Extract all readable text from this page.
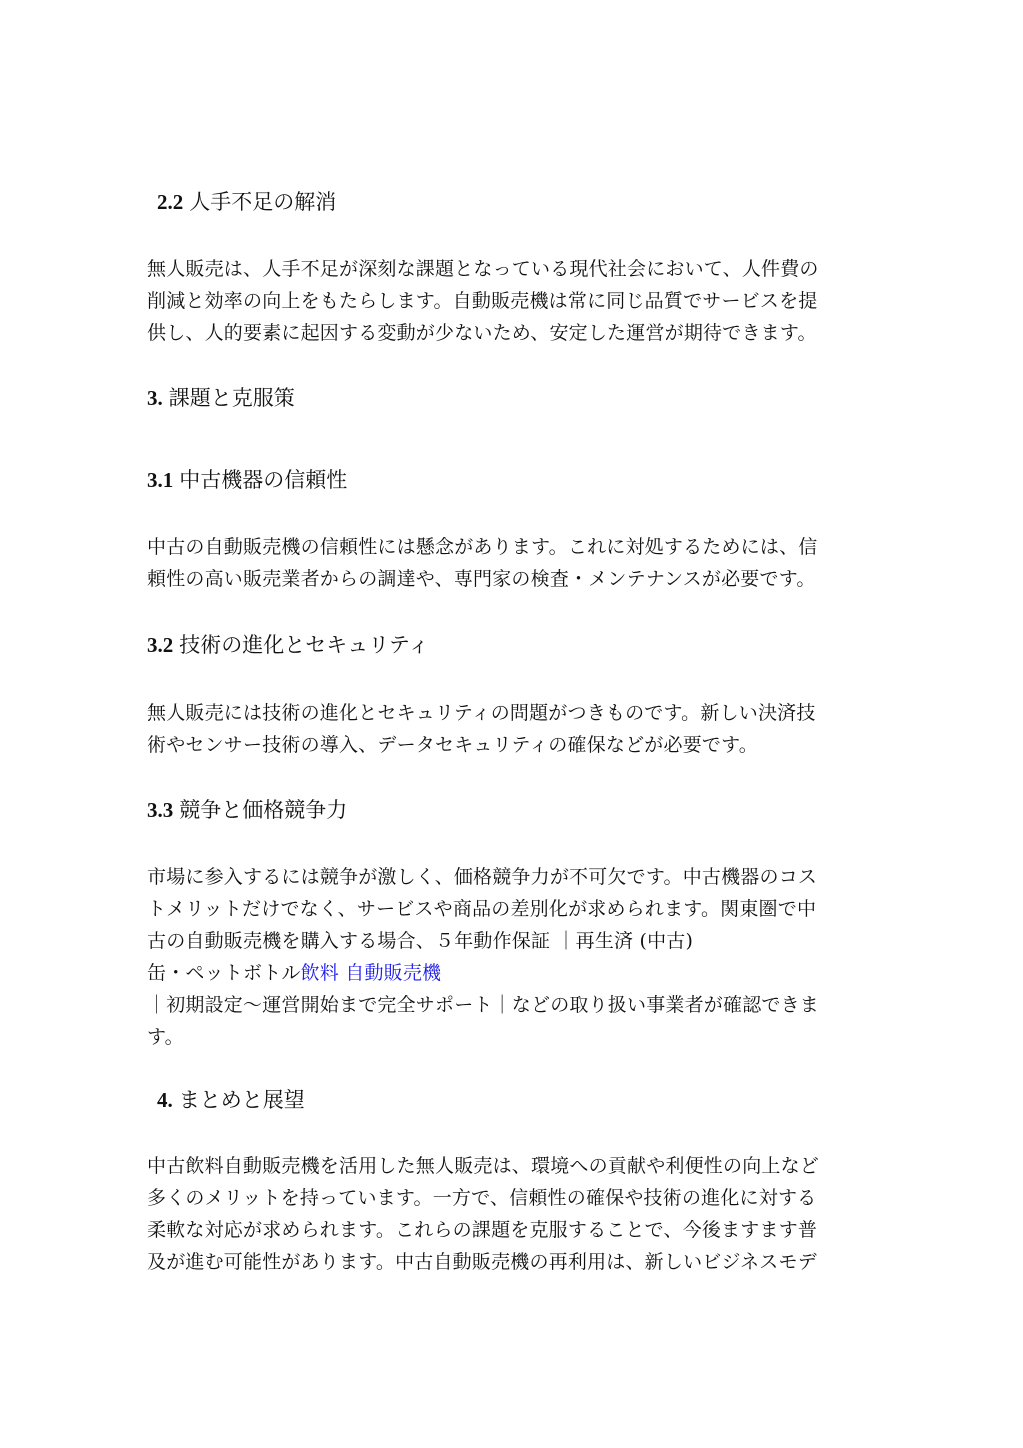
2.2 人手不足の解消

無人販売は、人手不足が深刻な課題となっている現代社会において、人件費の
削減と効率の向上をもたらします。自動販売機は常に同じ品質でサービスを提
供し、人的要素に起因する変動が少ないため、安定した運営が期待できます。

3. 課題と克服策
3.1 中古機器の信頼性

中古の自動販売機の信頼性には懸念があります。これに対処するためには、信
頼性の高い販売業者からの調達や、専門家の検査・メンテナンスが必要です。

3.2 技術の進化とセキュリティ

無人販売には技術の進化とセキュリティの問題がつきものです。新しい決済技
術やセンサー技術の導入、データセキュリティの確保などが必要です。

3.3 競争と価格競争力

市場に参入するには競争が激しく、価格競争力が不可欠です。中古機器のコス
トメリットだけでなく、サービスや商品の差別化が求められます。関東圏で中
古の自動販売機を購入する場合、５年動作保証 ｜再生済 (中古)
缶・ペットボトル飲料 自動販売機
｜初期設定～運営開始まで完全サポート｜などの取り扱い事業者が確認できま
す。

4. まとめと展望

中古飲料自動販売機を活用した無人販売は、環境への貢献や利便性の向上など
多くのメリットを持っています。一方で、信頼性の確保や技術の進化に対する
柔軟な対応が求められます。これらの課題を克服することで、今後ますます普
及が進む可能性があります。中古自動販売機の再利用は、新しいビジネスモデ
